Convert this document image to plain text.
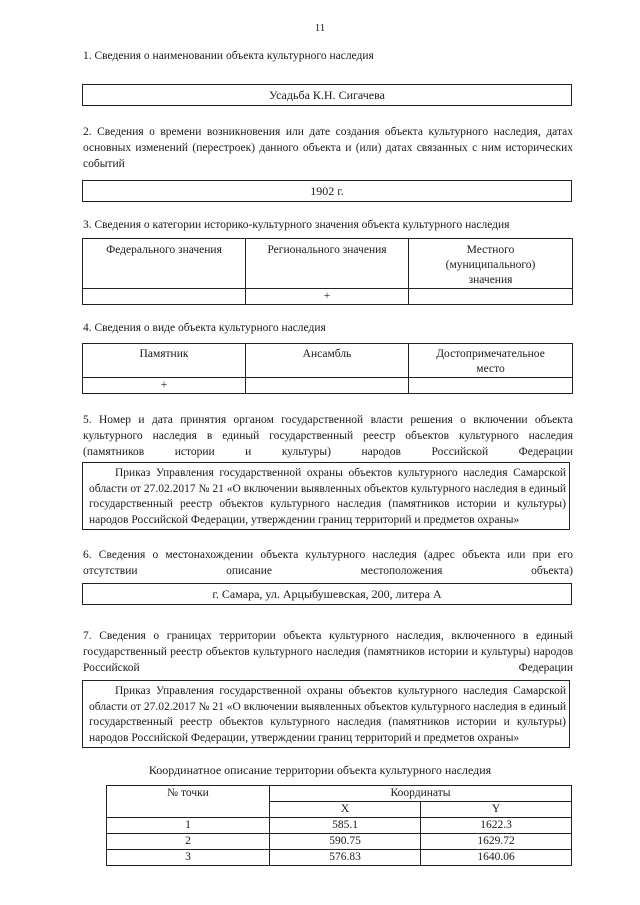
11
1. Сведения о наименовании объекта культурного наследия
Усадьба К.Н. Сигачева
2. Сведения о времени возникновения или дате создания объекта культурного наследия, датах основных изменений (перестроек) данного объекта и (или) датах связанных с ним исторических событий
1902 г.
3. Сведения о категории историко-культурного значения объекта культурного наследия
Федерального значения	Регионального значения	Местного (муниципального) значения
	+	
4. Сведения о виде объекта культурного наследия
Памятник	Ансамбль	Достопримечательное место
+		
5. Номер и дата принятия органом государственной власти решения о включении объекта культурного наследия в единый государственный реестр объектов культурного наследия (памятников истории и культуры) народов Российской Федерации
Приказ Управления государственной охраны объектов культурного наследия Самарской области от 27.02.2017 № 21 «О включении выявленных объектов культурного наследия в единый государственный реестр объектов культурного наследия (памятников истории и культуры) народов Российской Федерации, утверждении границ территорий и предметов охраны»
6. Сведения о местонахождении объекта культурного наследия (адрес объекта или при его отсутствии описание местоположения объекта)
г. Самара, ул. Арцыбушевская, 200, литера А
7. Сведения о границах территории объекта культурного наследия, включенного в единый государственный реестр объектов культурного наследия (памятников истории и культуры) народов Российской Федерации
Приказ Управления государственной охраны объектов культурного наследия Самарской области от 27.02.2017 № 21 «О включении выявленных объектов культурного наследия в единый государственный реестр объектов культурного наследия (памятников истории и культуры) народов Российской Федерации, утверждении границ территорий и предметов охраны»
Координатное описание территории объекта культурного наследия
№ точки	Координаты	
	X	Y
1	585.1	1622.3
2	590.75	1629.72
3	576.83	1640.06
